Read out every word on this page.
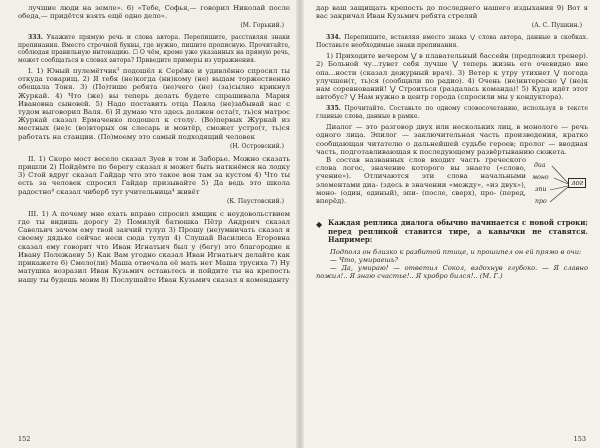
лучшие люди на земле». 6) «Тебе, Софья,— говорил Николай после обеда,— придётся взять ещё одно дело».

(М. Горький.)

333. Укажите прямую речь и слова автора. Перепишите, расставляя знаки препинания. Вместо строчной буквы, где нужно, пишите прописную. Прочитайте, соблюдая правильную интонацию. ☐ О чём, кроме уже указанных на прямую речь, может сообщаться в словах автора? Приведите примеры из упражнения.

I. 1) Юный пулемётчик³ подошёл к Серёже и удивлённо спросил ты откуда товарищ. 2) Я тебя (не)когда (ни)кому (не) выдам торжественно обещала Тоня. 3) (По)тише ребята (не)чего (не) (за)сылно крикнул Журкай. 4) Что (же) вы теперь делать будете спрашивала Мария Ивановна сыновей. 5) Надо поставить отца Павла (не)забывай нас с тудом выговорил Валя. 6) Я думаю что здесь должен оста(т, ть)ся матрос Журкай сказал Ермаченко подошел к столу. (Во)первых Журкай из местных (не)с (во)вторых он слесарь и монтёр, сможет устро(т, ть)ся работать на станции. (По)моему это самый подходящий человек

(Н. Островский.)

II. 1) Скоро мост весело сказал Зуев в том и Заборье. Можно сказать пришли 2) Пойдёмте по берегу сказал я может быть наткнёмся на лодку 3) Стой вдруг сказал Гайдар что это такое вон там за кустом 4) Что ты есть за человек спросил Гайдар призывайте 5) Да ведь это школа радостно⁴ сказал чиберб тут учительница⁴ живёт

(К. Паустовский.)

III. 1) А почему мне ехать вправо спросил ямщик с неудовольствием где ты видишь дорогу 2) Помилуй батюшка Пётр Андреич сказал Савельич зачем ему твой заячий тулуп 3) Прошу (не)умничать сказал я своему дядьке сейчас неси сюда тулуп 4) Слушай Василиса Егоровна сказал ему говорит что Иван Игнатьич был у (бегу) это благородие к Ивану Полежаеву 5) Как Вам угодно сказал Иван Игнатьич делайте как прикажете 6) Смело(ли) Маша отвечала её мать нет Маша трусиха 7) Ну матушка возразил Иван Кузьмич оставьтесь и пойдите ты на крепость нашу ты будешь моим 8) Послушайте Иван Кузьмич сказал я коменданту

152

дaр ваш защищать крепость до последнего нашего издыхания 9) Вот я вас закричал Иван Кузьмич ребята стреляй

(А. С. Пушкин.)

334. Перепишите, вставляя вместо знака ⋁ слова автора, данные в скобках. Поставьте необходимые знаки препинания.

1) Приходите вечером ⋁ в плавательный бассейн (предложил тренер). 2) Больной чу...тувет себя лучше ⋁ теперь жизнь его очевидно вне опа...ности (сказал дежурный врач). 3) Ветер к утру утихнет ⋁ погода улучшен(т, ть)ся (сообщили по радио). 4) Очень (не)интересно ⋁ (не)к нам соревнований! ⋁ Строиться (раздалась команда)! 5) Куда идёт этот автобус? ⋁ Нам нужно в центр города (спросили мы у кондуктора).

335. Прочитайте. Составьте по одному словосочетанию, используя в тексте главные слова, данные в рамке.

Диалог — это разговор двух или нескольких лиц, в монологе — речь одного лица. Эпилог — заключительная часть произведения, кратко сообщающая читателю о дальнейшей судьбе героев; пролог — вводная часть, подготавливающая к последующему развёртыванию сюжета.

диа
моно
эпи
про
лог

В состав названных слов входит часть греческого слова логос, значение которого вы знаете («слово, учение»). Отличаются эти слова начальными элементами диа- (здесь в значении «между», «из двух»), моно- (один, единый), эпи- (после, сверх), про- (перед, вперёд).

◆ Каждая реплика диалога обычно начинается с новой строки; перед репликой ставится тире, а кавычки не ставятся. Например:

Подполз он близко к разбитой птице, и прошипел он ей прямо в очи:

— Что, умираешь?

— Да, умираю! — ответил Сокол, вздохнув глубоко. — Я славно пожил!.. Я знаю счастье!.. Я храбро бился!.. (М. Г.)

153
